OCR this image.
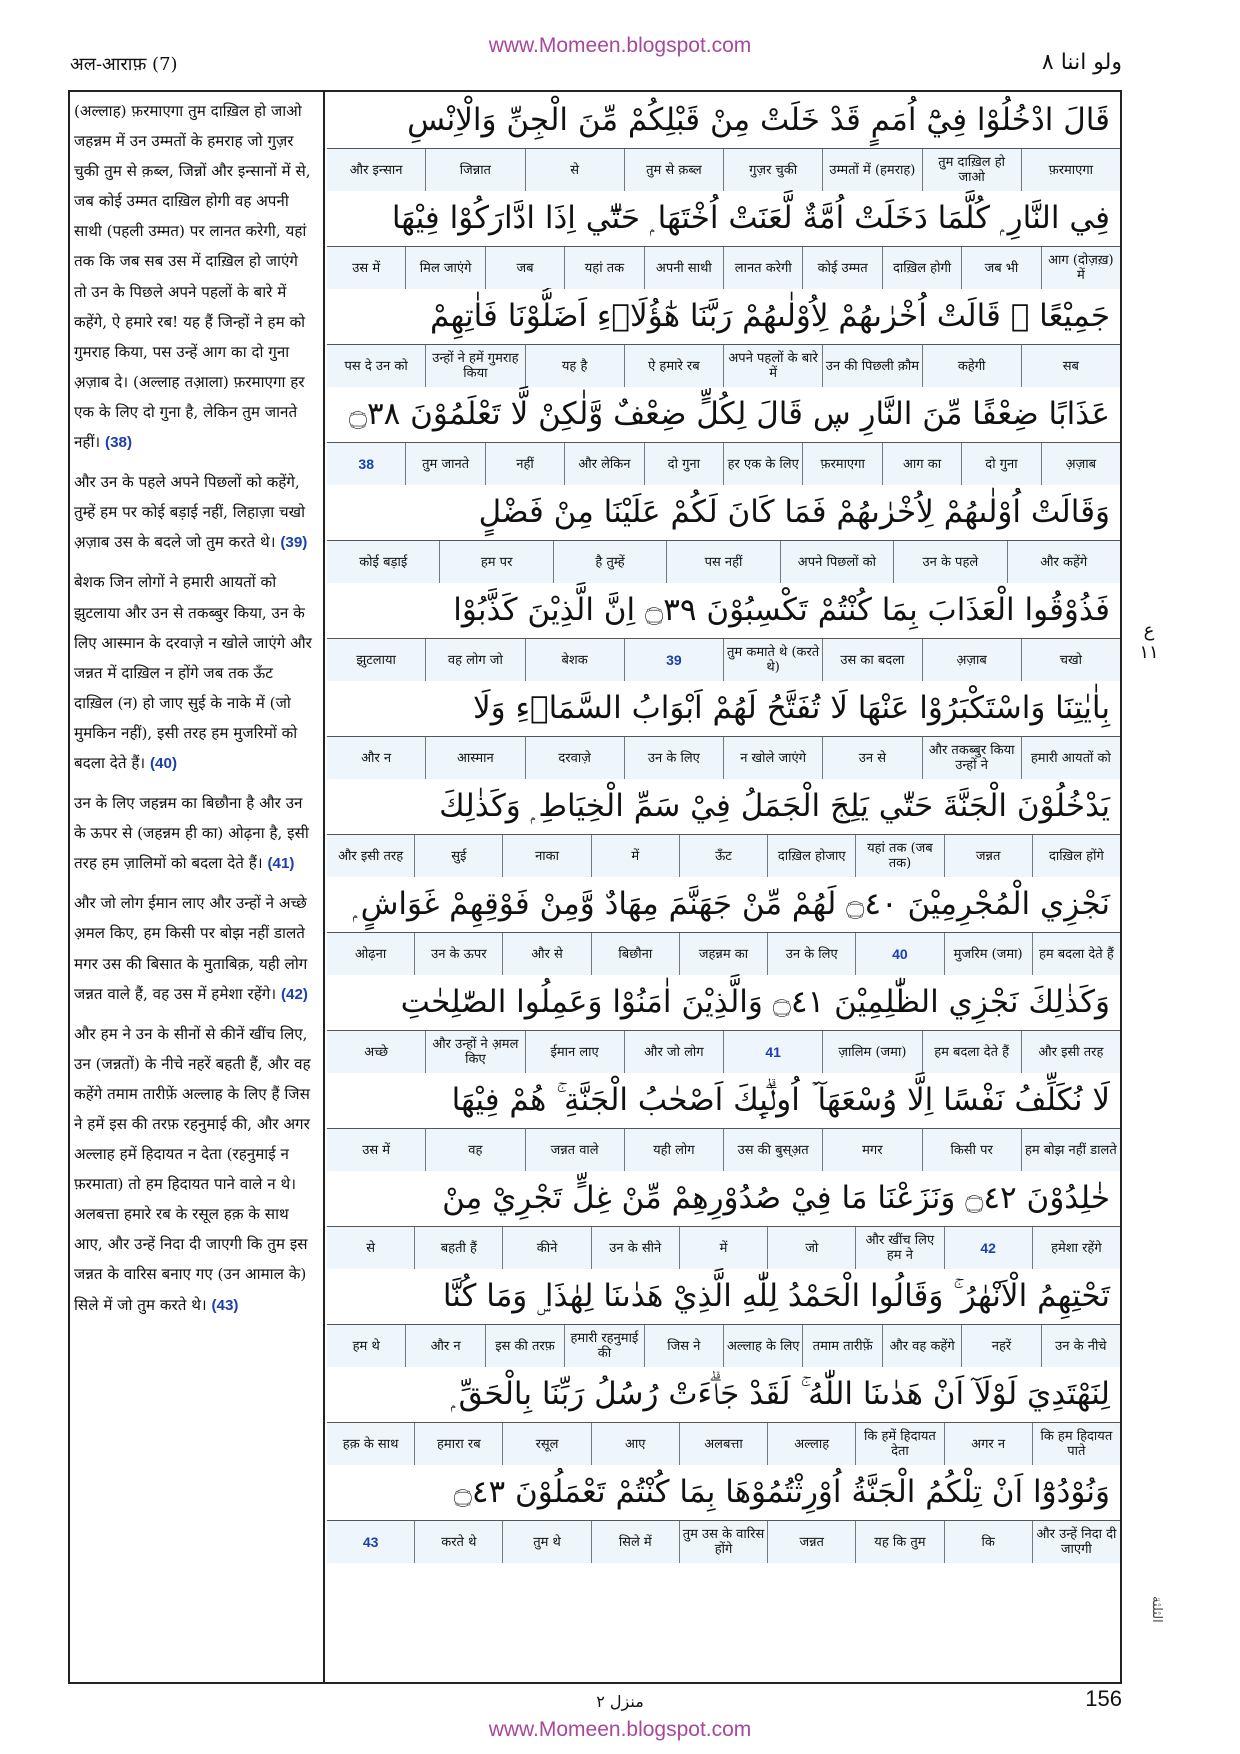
अल-आराफ़ (7)
www.Momeen.blogspot.com
ولو اننا ٨

(अल्लाह) फ़रमाएगा तुम दाख़िल हो जाओ जहन्नम में उन उम्मतों के हमराह जो गुज़र चुकी तुम से क़ब्ल, जिन्नों और इन्सानों में से, जब कोई उम्मत दाख़िल होगी वह अपनी साथी (पहली उम्मत) पर लानत करेगी, यहां तक कि जब सब उस में दाख़िल हो जाएंगे तो उन के पिछले अपने पहलों के बारे में कहेंगे, ऐ हमारे रब! यह हैं जिन्हों ने हम को गुमराह किया, पस उन्हें आग का दो गुना अ़ज़ाब दे। (अल्लाह तआ़ला) फ़रमाएगा हर एक के लिए दो गुना है, लेकिन तुम जानते नहीं। (38)

और उन के पहले अपने पिछलों को कहेंगे, तुम्हें हम पर कोई बड़ाई नहीं, लिहाज़ा चखो अ़ज़ाब उस के बदले जो तुम करते थे। (39)

बेशक जिन लोगों ने हमारी आयतों को झुटलाया और उन से तकब्बुर किया, उन के लिए आस्मान के दरवाज़े न खोले जाएंगे और जन्नत में दाख़िल न होंगे जब तक ऊँट दाख़िल (न) हो जाए सुई के नाके में (जो मुमकिन नहीं), इसी तरह हम मुजरिमों को बदला देते हैं। (40)

उन के लिए जहन्नम का बिछौना है और उन के ऊपर से (जहन्नम ही का) ओढ़ना है, इसी तरह हम ज़ालिमों को बदला देते हैं। (41)

और जो लोग ईमान लाए और उन्हों ने अच्छे अ़मल किए, हम किसी पर बोझ नहीं डालते मगर उस की बिसात के मुताबिक़, यही लोग जन्नत वाले हैं, वह उस में हमेशा रहेंगे। (42)

और हम ने उन के सीनों से कीनें खींच लिए, उन (जन्नतों) के नीचे नहरें बहती हैं, और वह कहेंगे तमाम तारीफ़ें अल्लाह के लिए हैं जिस ने हमें इस की तरफ़ रहनुमाई की, और अगर अल्लाह हमें हिदायत न देता (रहनुमाई न फ़रमाता) तो हम हिदायत पाने वाले न थे। अलबत्ता हमारे रब के रसूल हक़ के साथ आए, और उन्हें निदा दी जाएगी कि तुम इस जन्नत के वारिस बनाए गए (उन आमाल के) सिले में जो तुम करते थे। (43)

قَالَ ادْخُلُوْا فِيْٓ اُمَمٍ قَدْ خَلَتْ مِنْ قَبْلِكُمْ مِّنَ الْجِنِّ وَالْاِنْسِ
और इन्सान	जिन्नात	से	तुम से क़ब्ल	गुज़र चुकी	उम्मतों में (हमराह)	तुम दाख़िल हो जाओ	फ़रमाएगा
فِي النَّارِ ۭ كُلَّمَا دَخَلَتْ اُمَّةٌ لَّعَنَتْ اُخْتَهَا ۭ حَتّٰٓي اِذَا ادَّارَكُوْا فِيْهَا
उस में	मिल जाएंगे	जब	यहां तक	अपनी साथी	लानत करेगी	कोई उम्मत	दाख़िल होगी	जब भी	आग (दोज़ख़) में
جَمِيْعًا ۙ قَالَتْ اُخْرٰىهُمْ لِاُوْلٰىهُمْ رَبَّنَا هٰٓؤُلَاۗءِ اَضَلُّوْنَا فَاٰتِهِمْ
पस दे उन को	उन्हों ने हमें गुमराह किया	यह है	ऐ हमारे रब	अपने पहलों के बारे में	उन की पिछली क़ौम	कहेगी	सब
عَذَابًا ضِعْفًا مِّنَ النَّارِ ڛ قَالَ لِكُلٍّ ضِعْفٌ وَّلٰكِنْ لَّا تَعْلَمُوْنَ ۝٣٨
38	तुम जानते	नहीं	और लेकिन	दो गुना	हर एक के लिए	फ़रमाएगा	आग का	दो गुना	अ़ज़ाब
وَقَالَتْ اُوْلٰىهُمْ لِاُخْرٰىهُمْ فَمَا كَانَ لَكُمْ عَلَيْنَا مِنْ فَضْلٍ
कोई बड़ाई	हम पर	है तुम्हें	पस नहीं	अपने पिछलों को	उन के पहले	और कहेंगे
فَذُوْقُوا الْعَذَابَ بِمَا كُنْتُمْ تَكْسِبُوْنَ ۝٣٩ اِنَّ الَّذِيْنَ كَذَّبُوْا
झुटलाया	वह लोग जो	बेशक	39	तुम कमाते थे (करते थे)	उस का बदला	अ़ज़ाब	चखो
بِاٰيٰتِنَا وَاسْتَكْبَرُوْا عَنْهَا لَا تُفَتَّحُ لَهُمْ اَبْوَابُ السَّمَاۗءِ وَلَا
और न	आस्मान	दरवाज़े	उन के लिए	न खोले जाएंगे	उन से	और तकब्बुर किया उन्हों ने	हमारी आयतों को
يَدْخُلُوْنَ الْجَنَّةَ حَتّٰي يَلِجَ الْجَمَلُ فِيْ سَمِّ الْخِيَاطِ ۭ وَكَذٰلِكَ
और इसी तरह	सुई	नाका	में	ऊँट	दाख़िल होजाए	यहां तक (जब तक)	जन्नत	दाख़िल होंगे
نَجْزِي الْمُجْرِمِيْنَ ۝٤٠ لَهُمْ مِّنْ جَهَنَّمَ مِهَادٌ وَّمِنْ فَوْقِهِمْ غَوَاشٍ ۭ
ओढ़ना	उन के ऊपर	और से	बिछौना	जहन्नम का	उन के लिए	40	मुजरिम (जमा)	हम बदला देते हैं
وَكَذٰلِكَ نَجْزِي الظّٰلِمِيْنَ ۝٤١ وَالَّذِيْنَ اٰمَنُوْا وَعَمِلُوا الصّٰلِحٰتِ
अच्छे	और उन्हों ने अ़मल किए	ईमान लाए	और जो लोग	41	ज़ालिम (जमा)	हम बदला देते हैं	और इसी तरह
لَا نُكَلِّفُ نَفْسًا اِلَّا وُسْعَهَآ ۡ اُولٰۗىِٕكَ اَصْحٰبُ الْجَنَّةِ ۚ هُمْ فِيْهَا
उस में	वह	जन्नत वाले	यही लोग	उस की बुस्अ़त	मगर	किसी पर	हम बोझ नहीं डालते
خٰلِدُوْنَ ۝٤٢ وَنَزَعْنَا مَا فِيْ صُدُوْرِهِمْ مِّنْ غِلٍّ تَجْرِيْ مِنْ
से	बहती हैं	कीने	उन के सीने	में	जो	और खींच लिए हम ने	42	हमेशा रहेंगे
تَحْتِهِمُ الْاَنْهٰرُ ۚ وَقَالُوا الْحَمْدُ لِلّٰهِ الَّذِيْ هَدٰىنَا لِھٰذَا ۣ وَمَا كُنَّا
हम थे	और न	इस की तरफ़	हमारी रहनुमाई की	जिस ने	अल्लाह के लिए	तमाम तारीफ़ें	और वह कहेंगे	नहरें	उन के नीचे
لِنَهْتَدِيَ لَوْلَآ اَنْ هَدٰىنَا اللّٰهُ ۚ لَقَدْ جَاۗءَتْ رُسُلُ رَبِّنَا بِالْحَقِّ ۭ
हक़ के साथ	हमारा रब	रसूल	आए	अलबत्ता	अल्लाह	कि हमें हिदायत देता	अगर न	कि हम हिदायत पाते
وَنُوْدُوْٓا اَنْ تِلْكُمُ الْجَنَّةُ اُوْرِثْتُمُوْهَا بِمَا كُنْتُمْ تَعْمَلُوْنَ ۝٤٣
43	करते थे	तुम थे	सिले में	तुम उस के वारिस होंगे	जन्नत	यह कि तुम	कि	और उन्हें निदा दी जाएगी
ع
١١
الثلثة
منزل ٢	156
www.Momeen.blogspot.com
